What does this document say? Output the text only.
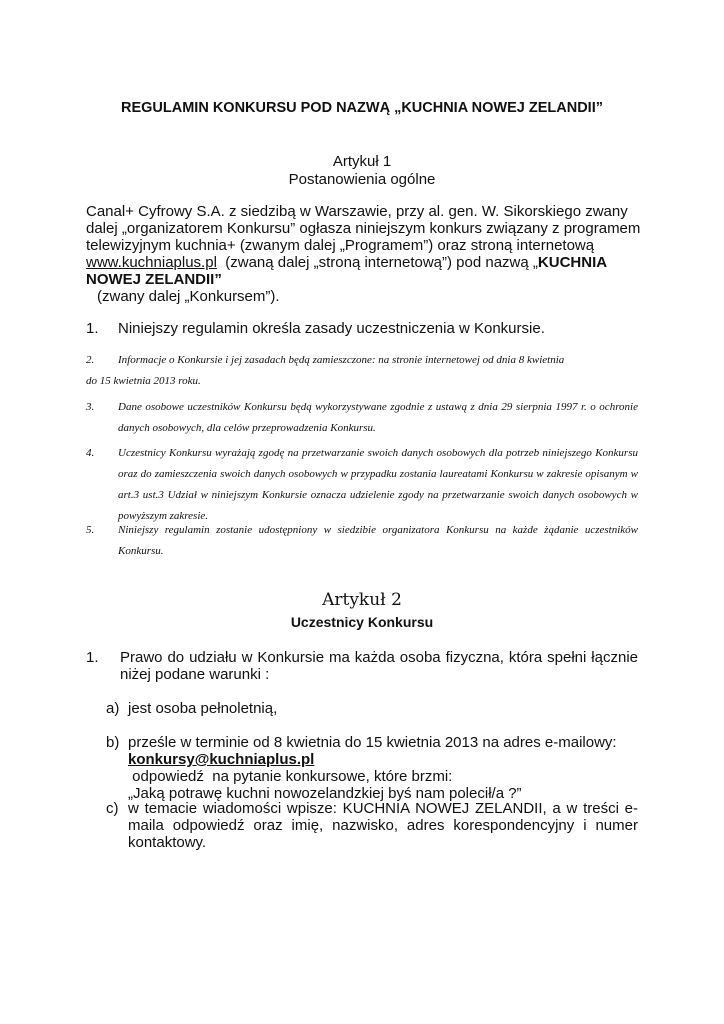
REGULAMIN KONKURSU POD NAZWĄ „KUCHNIA NOWEJ ZELANDII”
Artykuł 1
Postanowienia ogólne
Canal+ Cyfrowy S.A. z siedzibą w Warszawie, przy al. gen. W. Sikorskiego zwany
dalej „organizatorem Konkursu” ogłasza niniejszym konkurs związany z programem
telewizyjnym kuchnia+ (zwanym dalej „Programem”) oraz stroną internetową
www.kuchniaplus.pl  (zwaną dalej „stroną internetową”) pod nazwą „KUCHNIA
NOWEJ ZELANDII”
(zwany dalej „Konkursem”).
1. Niniejszy regulamin określa zasady uczestniczenia w Konkursie.
2. Informacje o Konkursie i jej zasadach będą zamieszczone: na stronie internetowej od dnia 8 kwietnia
do 15 kwietnia 2013 roku.
3.	Dane osobowe uczestników Konkursu będą wykorzystywane zgodnie z ustawą z dnia 29 sierpnia 1997 r. o ochronie danych osobowych, dla celów przeprowadzenia Konkursu.
4.	Uczestnicy Konkursu wyrażają zgodę na przetwarzanie swoich danych osobowych dla potrzeb niniejszego Konkursu oraz do zamieszczenia swoich danych osobowych w przypadku zostania laureatami Konkursu w zakresie opisanym w art.3 ust.3 Udział w niniejszym Konkursie oznacza udzielenie zgody na przetwarzanie swoich danych osobowych w powyższym zakresie.
5.	Niniejszy regulamin zostanie udostępniony w siedzibie organizatora Konkursu na każde żądanie uczestników Konkursu.
Artykuł 2
Uczestnicy Konkursu
1.	Prawo do udziału w Konkursie ma każda osoba fizyczna, która spełni łącznie niżej podane warunki :
a) jest osoba pełnoletnią,
b) prześle w terminie od 8 kwietnia do 15 kwietnia 2013 na adres e-mailowy:
konkursy@kuchniaplus.pl odpowiedź  na pytanie konkursowe, które brzmi:
„Jaką potrawę kuchni nowozelandzkiej byś nam polecił/a ?”
c) w temacie wiadomości wpisze: KUCHNIA NOWEJ ZELANDII, a w treści e-maila odpowiedź oraz imię, nazwisko, adres korespondencyjny i numer kontaktowy.
